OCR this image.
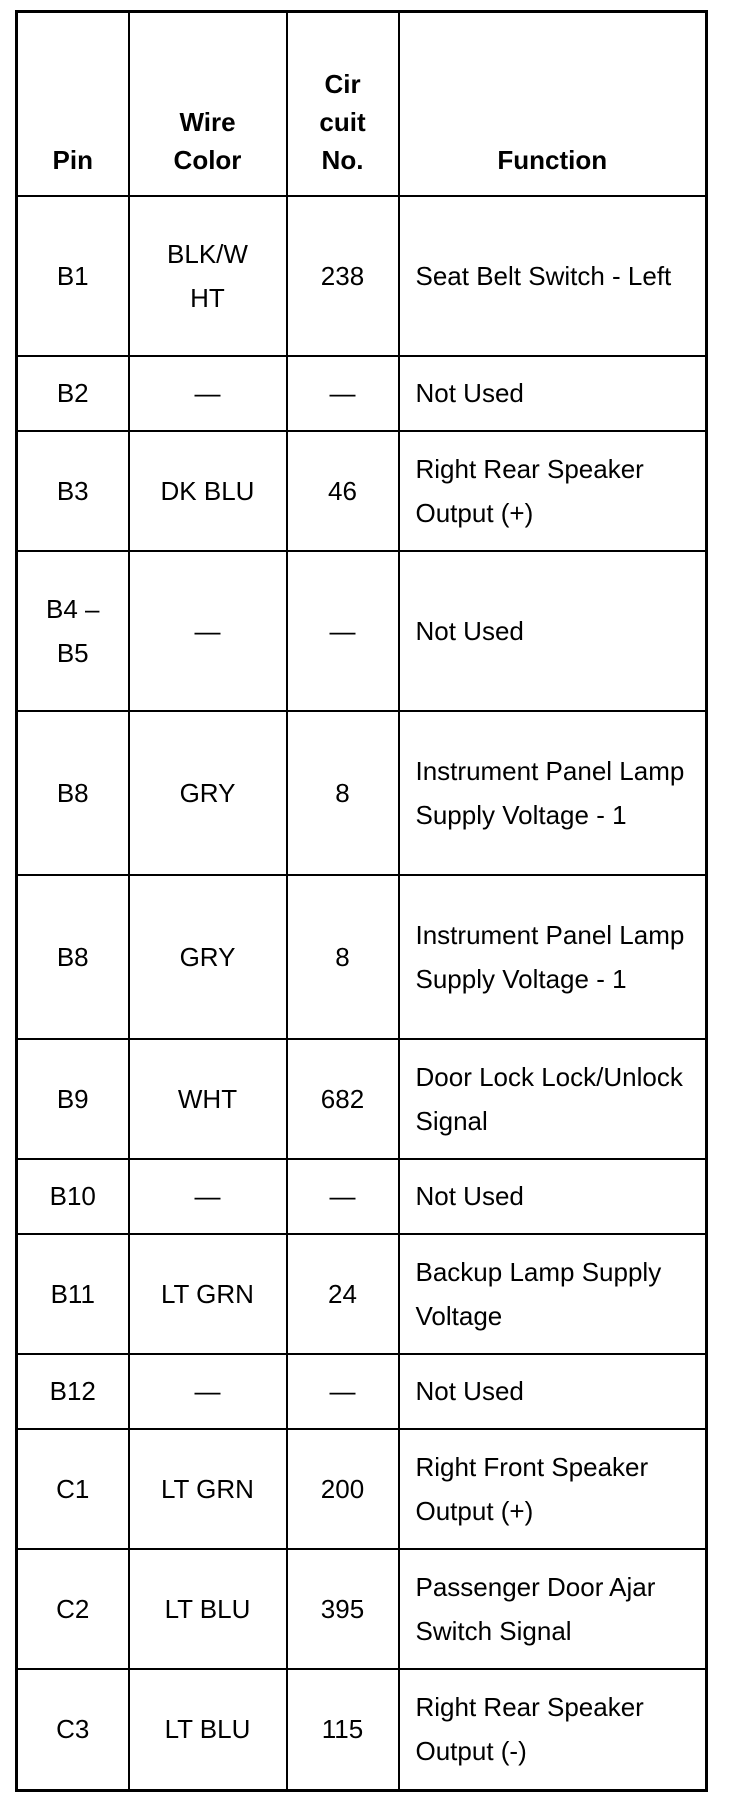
Pin	Wire Color	Cir cuit No.	Function
B1	BLK/W HT	238	Seat Belt Switch - Left
B2	—	—	Not Used
B3	DK BLU	46	Right Rear Speaker Output (+)
B4 –B5	—	—	Not Used
B8	GRY	8	Instrument Panel Lamp Supply Voltage - 1
B8	GRY	8	Instrument Panel Lamp Supply Voltage - 1
B9	WHT	682	Door Lock Lock/Unlock Signal
B10	—	—	Not Used
B11	LT GRN	24	Backup Lamp Supply Voltage
B12	—	—	Not Used
C1	LT GRN	200	Right Front Speaker Output (+)
C2	LT BLU	395	Passenger Door Ajar Switch Signal
C3	LT BLU	115	Right Rear Speaker Output (-)
